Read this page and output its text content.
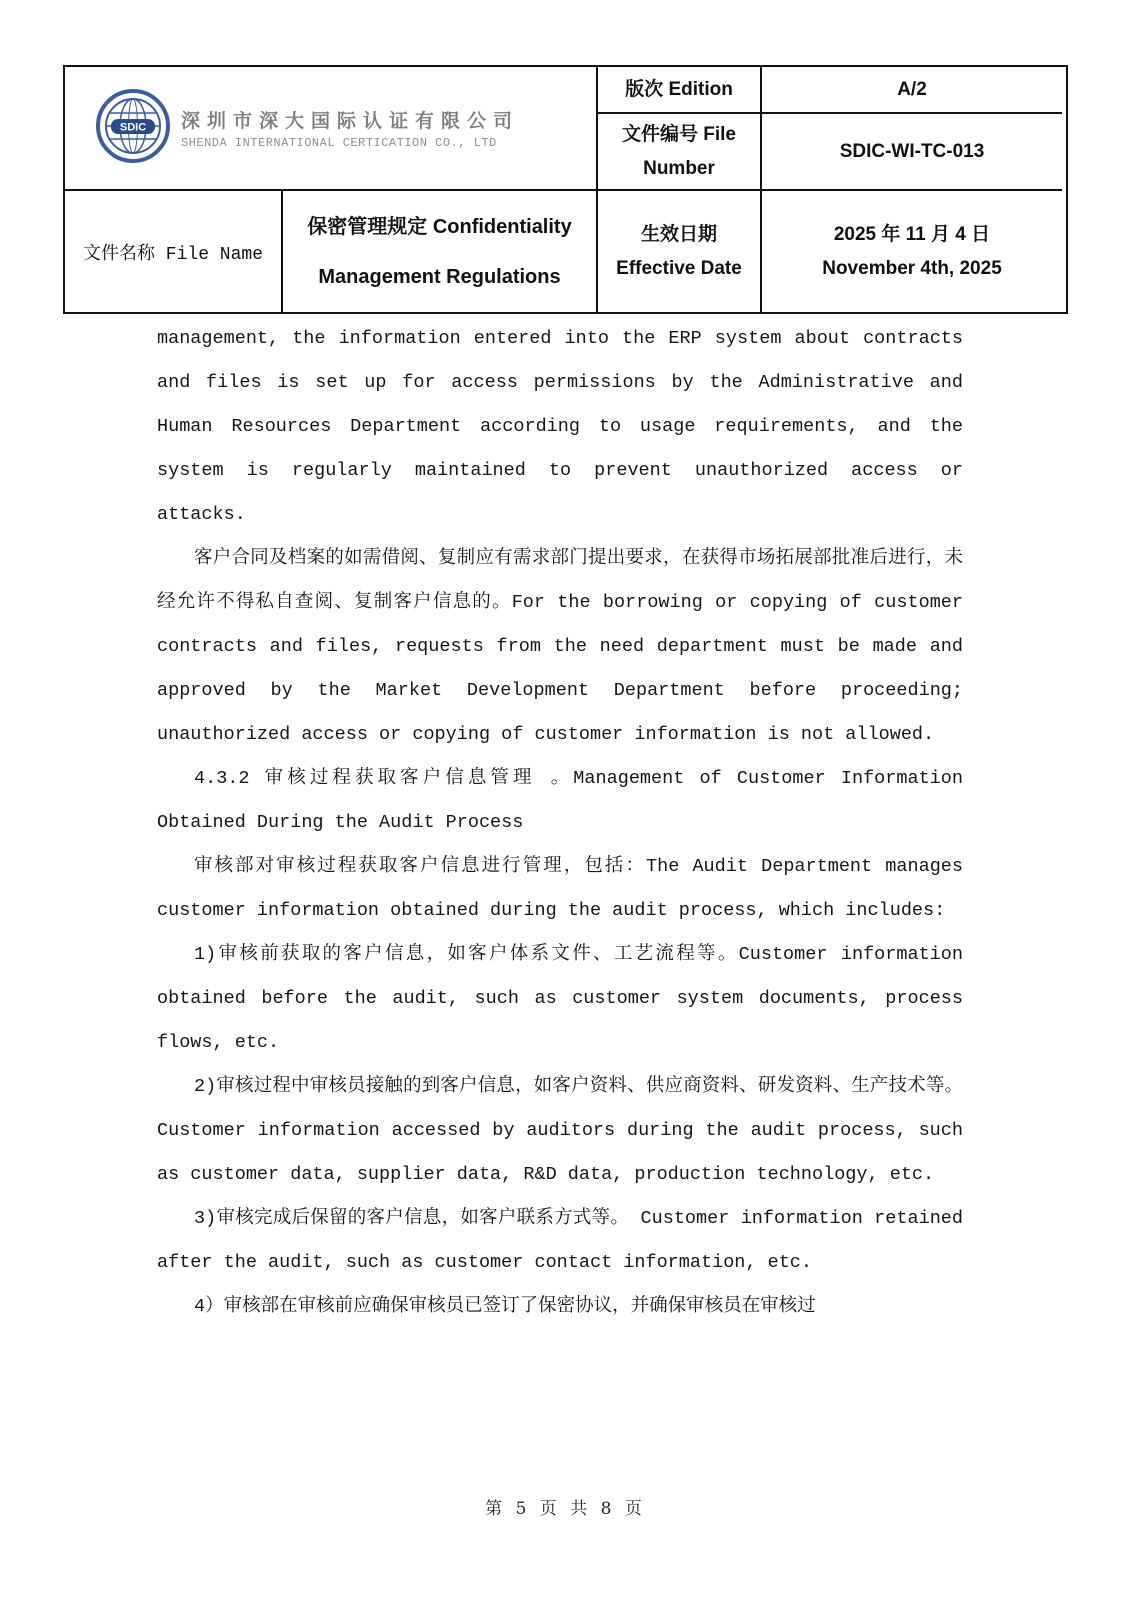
SDIC 深圳市深大国际认证有限公司
SHENDA INTERNATIONAL CERTICATION CO., LTD
版次 Edition	A/2
文件编号 File Number
SDIC-WI-TC-013
文件名称 File Name
保密管理规定 Confidentiality
Management Regulations
生效日期
Effective Date
2025 年 11 月 4 日
November 4th, 2025

management, the information entered into the ERP system about contracts and files is set up for access permissions by the Administrative and Human Resources Department according to usage requirements, and the system is regularly maintained to prevent unauthorized access or attacks.

客户合同及档案的如需借阅、复制应有需求部门提出要求，在获得市场拓展部批准后进行，未经允许不得私自查阅、复制客户信息的。For the borrowing or copying of customer contracts and files, requests from the need department must be made and approved by the Market Development Department before proceeding; unauthorized access or copying of customer information is not allowed.

4.3.2 审核过程获取客户信息管理 。Management of Customer Information Obtained During the Audit Process

审核部对审核过程获取客户信息进行管理，包括：The Audit Department manages customer information obtained during the audit process, which includes:

1)审核前获取的客户信息，如客户体系文件、工艺流程等。Customer information obtained before the audit, such as customer system documents, process flows, etc.

2)审核过程中审核员接触的到客户信息，如客户资料、供应商资料、研发资料、生产技术等。 Customer information accessed by auditors during the audit process, such as customer data, supplier data, R&D data, production technology, etc.

3)审核完成后保留的客户信息，如客户联系方式等。 Customer information retained after the audit, such as customer contact information, etc.

4）审核部在审核前应确保审核员已签订了保密协议，并确保审核员在审核过

第 5 页 共 8 页
